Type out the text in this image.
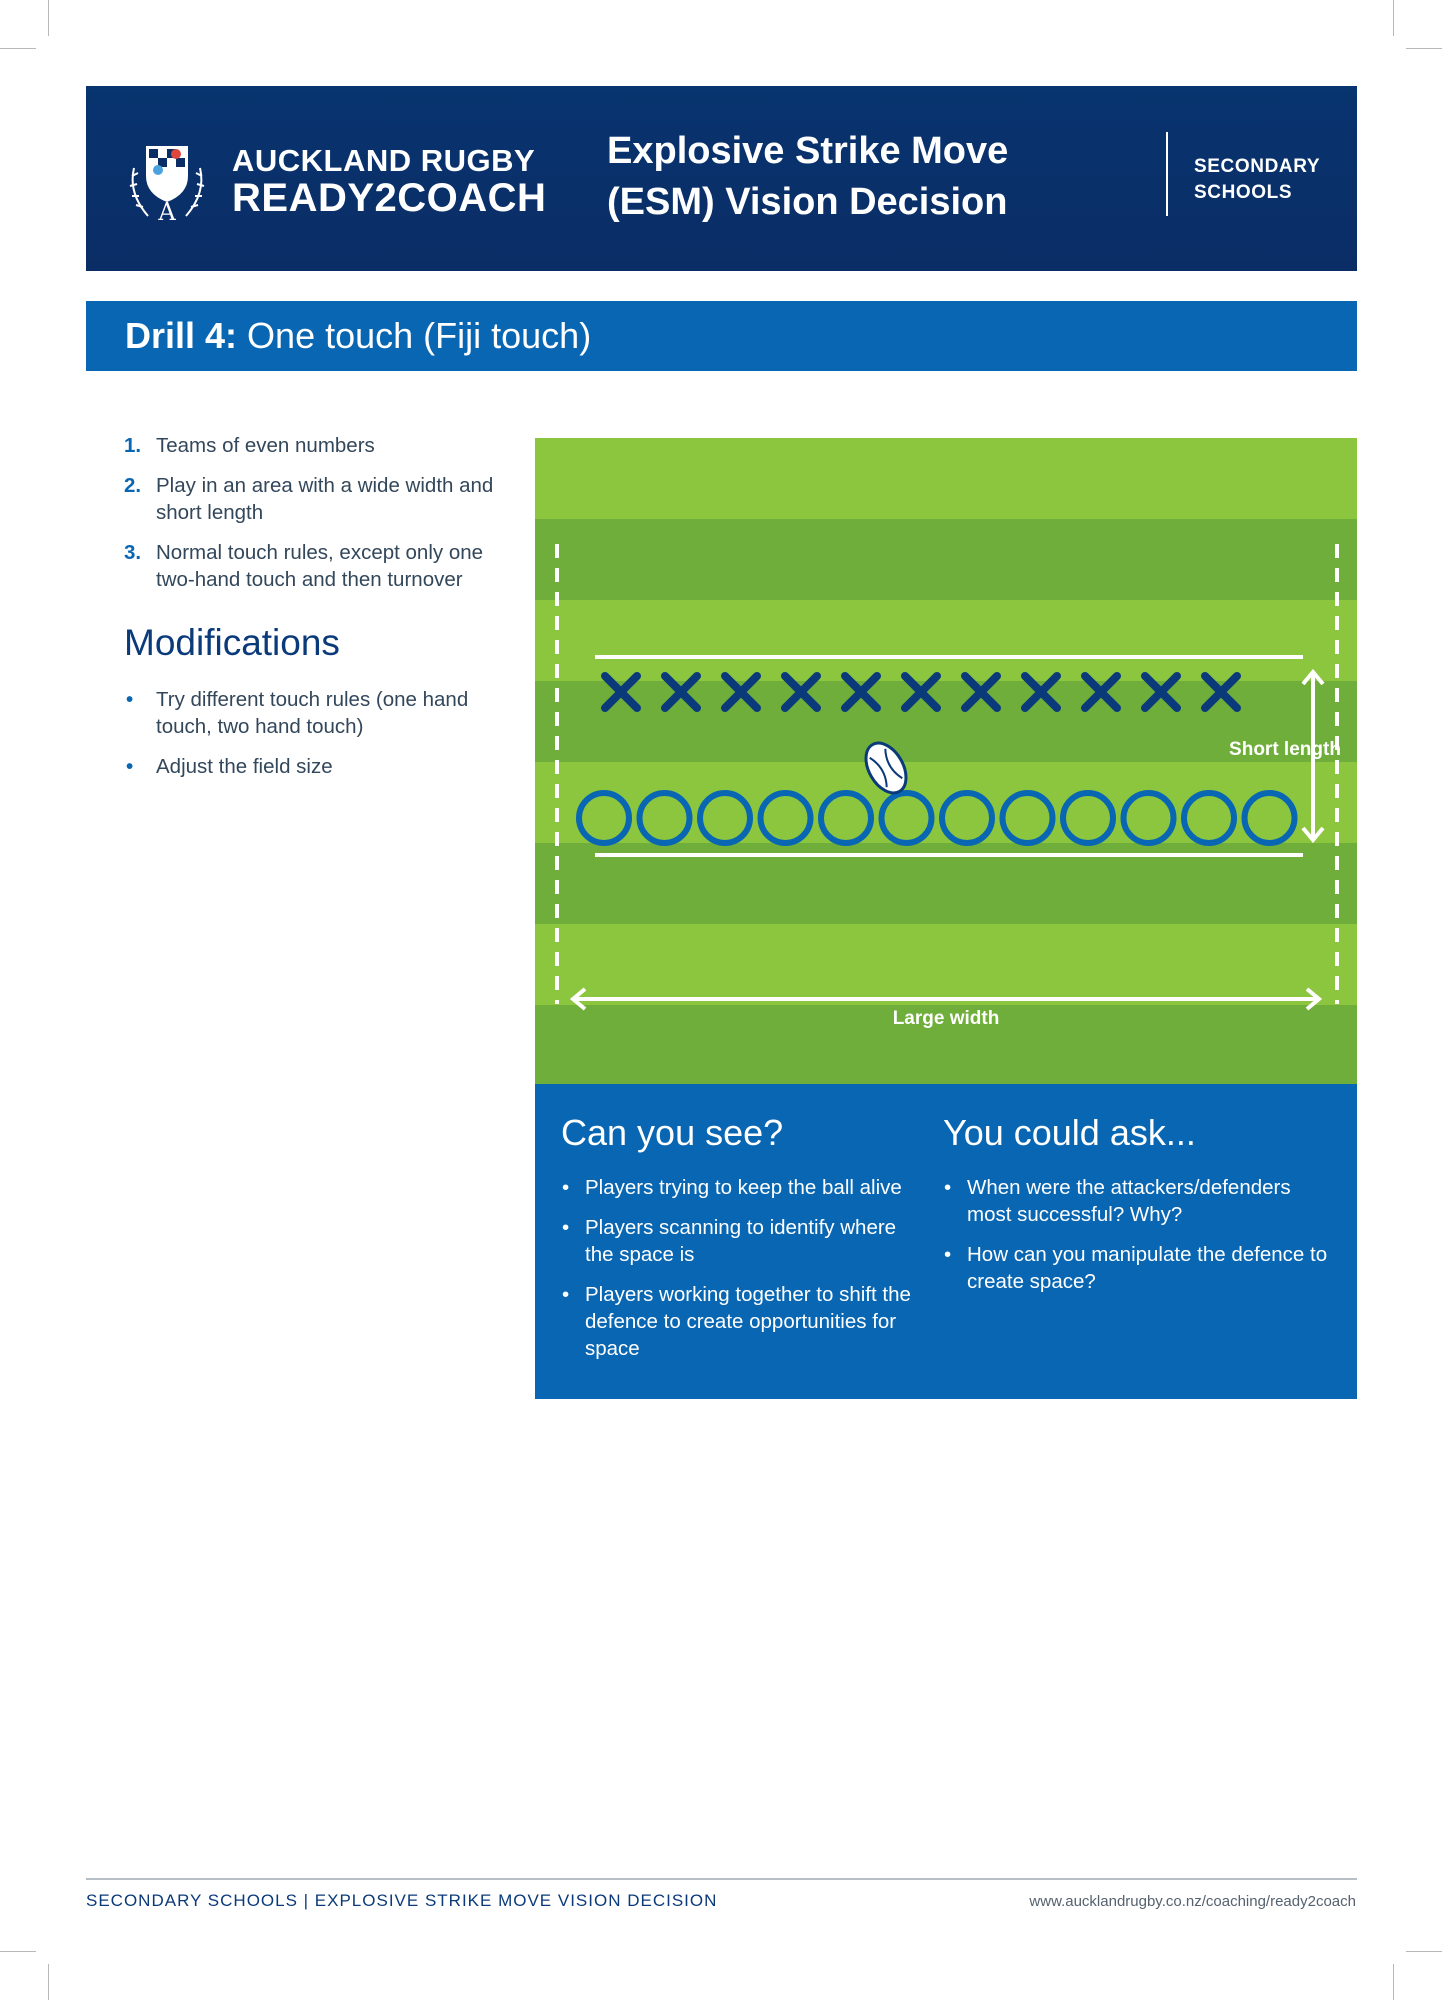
A
AUCKLAND RUGBY
READY2COACH
Explosive Strike Move (ESM) Vision Decision
SECONDARY SCHOOLS
Drill 4: One touch (Fiji touch)
1. Teams of even numbers
2. Play in an area with a wide width and short length
3. Normal touch rules, except only one two-hand touch and then turnover
Modifications
• Try different touch rules (one hand touch, two hand touch)
• Adjust the field size
Short length
Large width
Can you see?
• Players trying to keep the ball alive
• Players scanning to identify where the space is
• Players working together to shift the defence to create opportunities for space
You could ask...
• When were the attackers/defenders most successful? Why?
• How can you manipulate the defence to create space?
SECONDARY SCHOOLS | EXPLOSIVE STRIKE MOVE VISION DECISION	www.aucklandrugby.co.nz/coaching/ready2coach
